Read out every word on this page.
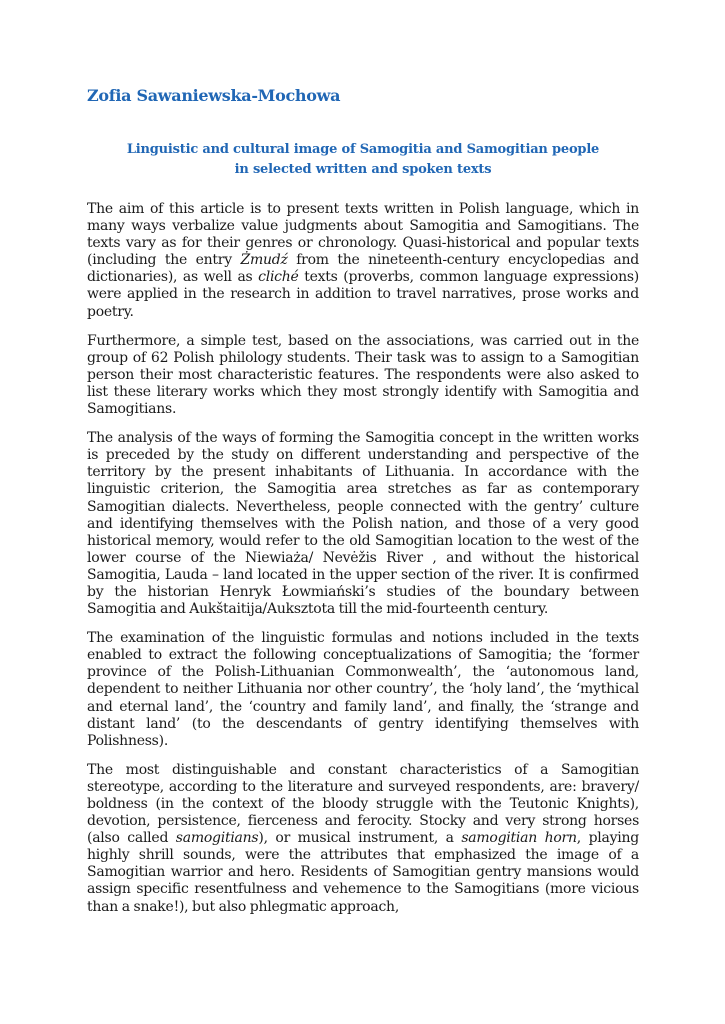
Zofia Sawaniewska-Mochowa
Linguistic and cultural image of Samogitia and Samogitian people
in selected written and spoken texts

The aim of this article is to present texts written in Polish language, which in many ways verbalize value judgments about Samogitia and Samogitians. The texts vary as for their genres or chronology. Quasi-historical and popular texts (including the entry Żmudź from the nineteenth-century encyclopedias and dictionaries), as well as cliché texts (proverbs, common language expressions) were applied in the research in addition to travel narratives, prose works and poetry.

Furthermore, a simple test, based on the associations, was carried out in the group of 62 Polish philology students. Their task was to assign to a Samogitian person their most characteristic features. The respondents were also asked to list these literary works which they most strongly identify with Samogitia and Samogitians.

The analysis of the ways of forming the Samogitia concept in the written works is preceded by the study on different understanding and perspective of the territory by the present inhabitants of Lithuania. In accordance with the linguistic criterion, the Samogitia area stretches as far as contemporary Samogitian dialects. Nevertheless, people connected with the gentry’ culture and identifying themselves with the Polish nation, and those of a very good historical memory, would refer to the old Samogitian location to the west of the lower course of the Niewiaża/ Nevėžis River , and without the historical Samogitia, Lauda – land located in the upper section of the river. It is confirmed by the historian Henryk Łowmiański’s studies of the boundary between Samogitia and Aukštaitija/Auksztota till the mid-fourteenth century.

The examination of the linguistic formulas and notions included in the texts enabled to extract the following conceptualizations of Samogitia; the ‘former province of the Polish-Lithuanian Commonwealth’, the ‘autonomous land, dependent to neither Lithuania nor other country’, the ‘holy land’, the ‘mythical and eternal land’, the ‘country and family land’, and finally, the ‘strange and distant land’ (to the descendants of gentry identifying themselves with Polishness).

The most distinguishable and constant characteristics of a Samogitian stereotype, according to the literature and surveyed respondents, are: bravery/ boldness (in the context of the bloody struggle with the Teutonic Knights), devotion, persistence, fierceness and ferocity. Stocky and very strong horses (also called samogitians), or musical instrument, a samogitian horn, playing highly shrill sounds, were the attributes that emphasized the image of a Samogitian warrior and hero. Residents of Samogitian gentry mansions would assign specific resentfulness and vehemence to the Samogitians (more vicious than a snake!), but also phlegmatic approach,
